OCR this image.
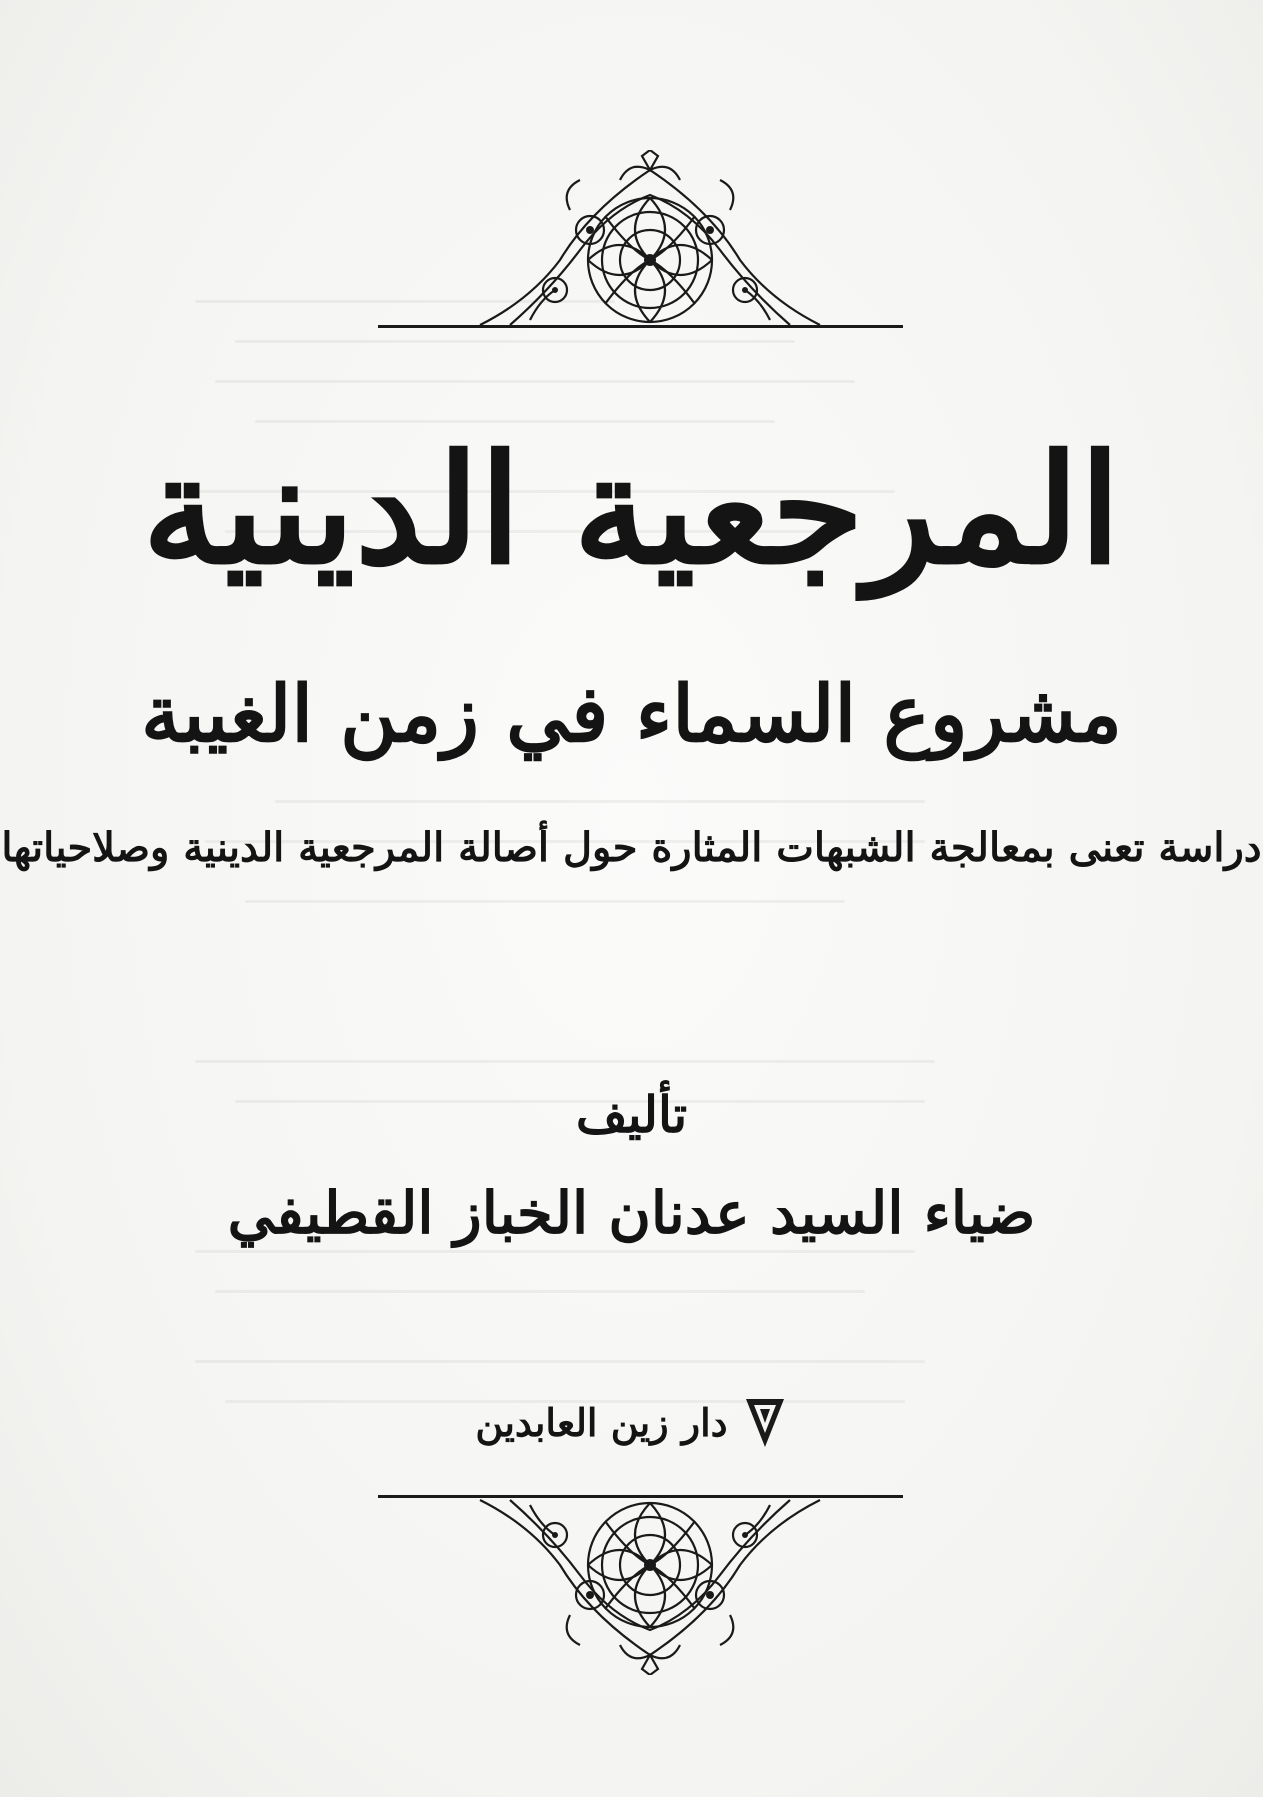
المرجعية الدينية
مشروع السماء في زمن الغيبة
دراسة تعنى بمعالجة الشبهات المثارة حول أصالة المرجعية الدينية وصلاحياتها
تأليف
ضياء السيد عدنان الخباز القطيفي
دار زين العابدين
